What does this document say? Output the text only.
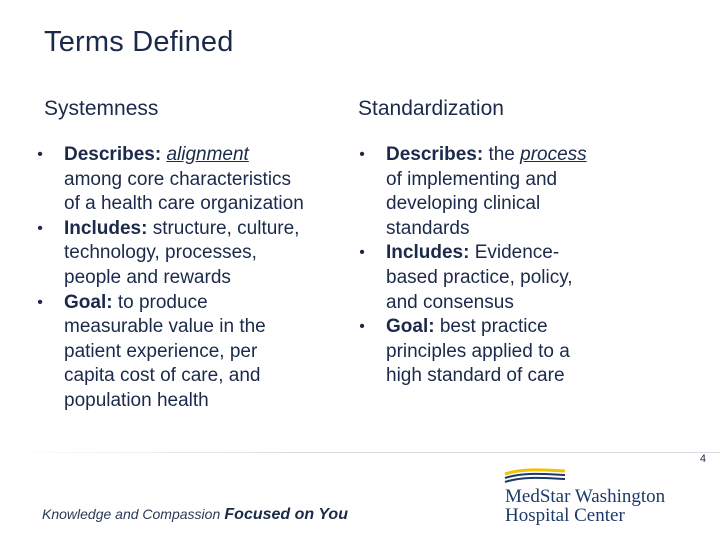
Terms Defined
Systemness	Standardization
•	Describes: alignment
among core characteristics
of a health care organization
•	Includes: structure, culture,
technology, processes,
people and rewards
•	Goal: to produce
measurable value in the
patient experience, per
capita cost of care, and
population health
•	Describes: the process
of implementing and
developing clinical
standards
•	Includes: Evidence-
based practice, policy,
and consensus
•	Goal: best practice
principles applied to a
high standard of care
4
Knowledge and Compassion Focused on You
MedStar Washington
Hospital Center
